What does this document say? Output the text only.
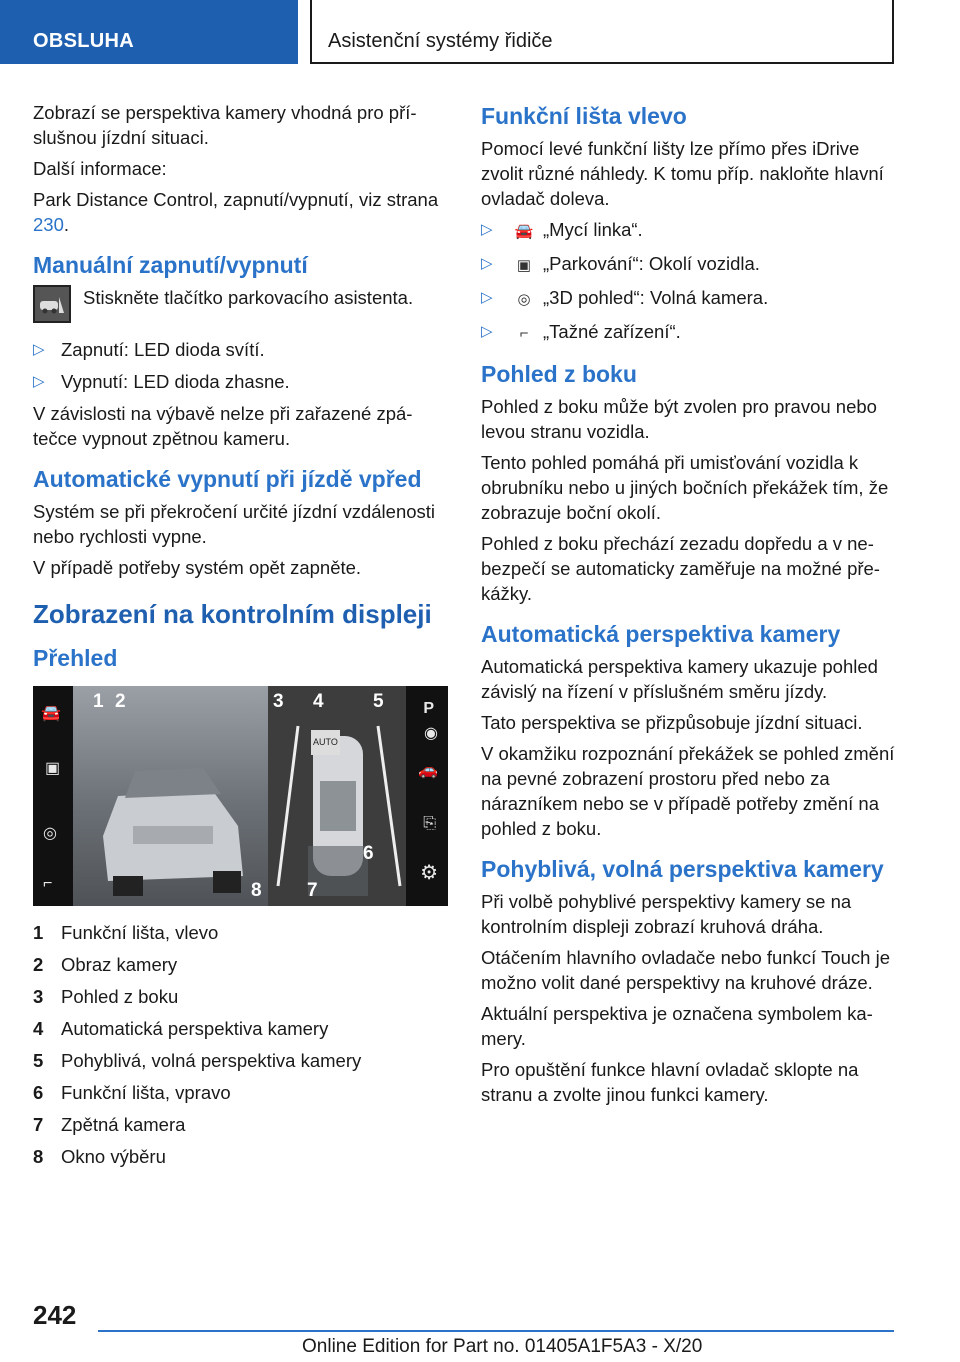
OBSLUHA	Asistenční systémy řidiče

Zobrazí se perspektiva kamery vhodná pro pří-slušnou jízdní situaci.

Další informace:

Park Distance Control, zapnutí/vypnutí, viz strana 230.

Manuální zapnutí/vypnutí
Stiskněte tlačítko parkovacího asistenta.
▷ Zapnutí: LED dioda svítí.
▷ Vypnutí: LED dioda zhasne.

V závislosti na výbavě nelze při zařazené zpá-tečce vypnout zpětnou kameru.

Automatické vypnutí při jízdě vpřed

Systém se při překročení určité jízdní vzdálenosti nebo rychlosti vypne.

V případě potřeby systém opět zapněte.

Zobrazení na kontrolním displeji
Přehled
🚘
▣
◎
⌐
P
◉
🚗
⎘
⚙
1 2	3 4	5
6
7
8
AUTO
1 Funkční lišta, vlevo
2 Obraz kamery
3 Pohled z boku
4 Automatická perspektiva kamery
5 Pohyblivá, volná perspektiva kamery
6 Funkční lišta, vpravo
7 Zpětná kamera
8 Okno výběru
Funkční lišta vlevo

Pomocí levé funkční lišty lze přímo přes iDrive zvolit různé náhledy. K tomu příp. nakloňte hlavní ovladač doleva.

▷ 🚘 „Mycí linka“.
▷ ▣ „Parkování“: Okolí vozidla.
▷ ◎ „3D pohled“: Volná kamera.
▷ ⌐ „Tažné zařízení“.
Pohled z boku

Pohled z boku může být zvolen pro pravou nebo levou stranu vozidla.

Tento pohled pomáhá při umisťování vozidla k obrubníku nebo u jiných bočních překážek tím, že zobrazuje boční okolí.

Pohled z boku přechází zezadu dopředu a v ne-bezpečí se automaticky zaměřuje na možné pře-kážky.

Automatická perspektiva kamery

Automatická perspektiva kamery ukazuje pohled závislý na řízení v příslušném směru jízdy.

Tato perspektiva se přizpůsobuje jízdní situaci.

V okamžiku rozpoznání překážek se pohled změní na pevné zobrazení prostoru před nebo za nárazníkem nebo se v případě potřeby změní na pohled z boku.

Pohyblivá, volná perspektiva kamery

Při volbě pohyblivé perspektivy kamery se na kontrolním displeji zobrazí kruhová dráha.

Otáčením hlavního ovladače nebo funkcí Touch je možno volit dané perspektivy na kruhové dráze.

Aktuální perspektiva je označena symbolem ka-mery.

Pro opuštění funkce hlavní ovladač sklopte na stranu a zvolte jinou funkci kamery.

242
Online Edition for Part no. 01405A1F5A3 - X/20
